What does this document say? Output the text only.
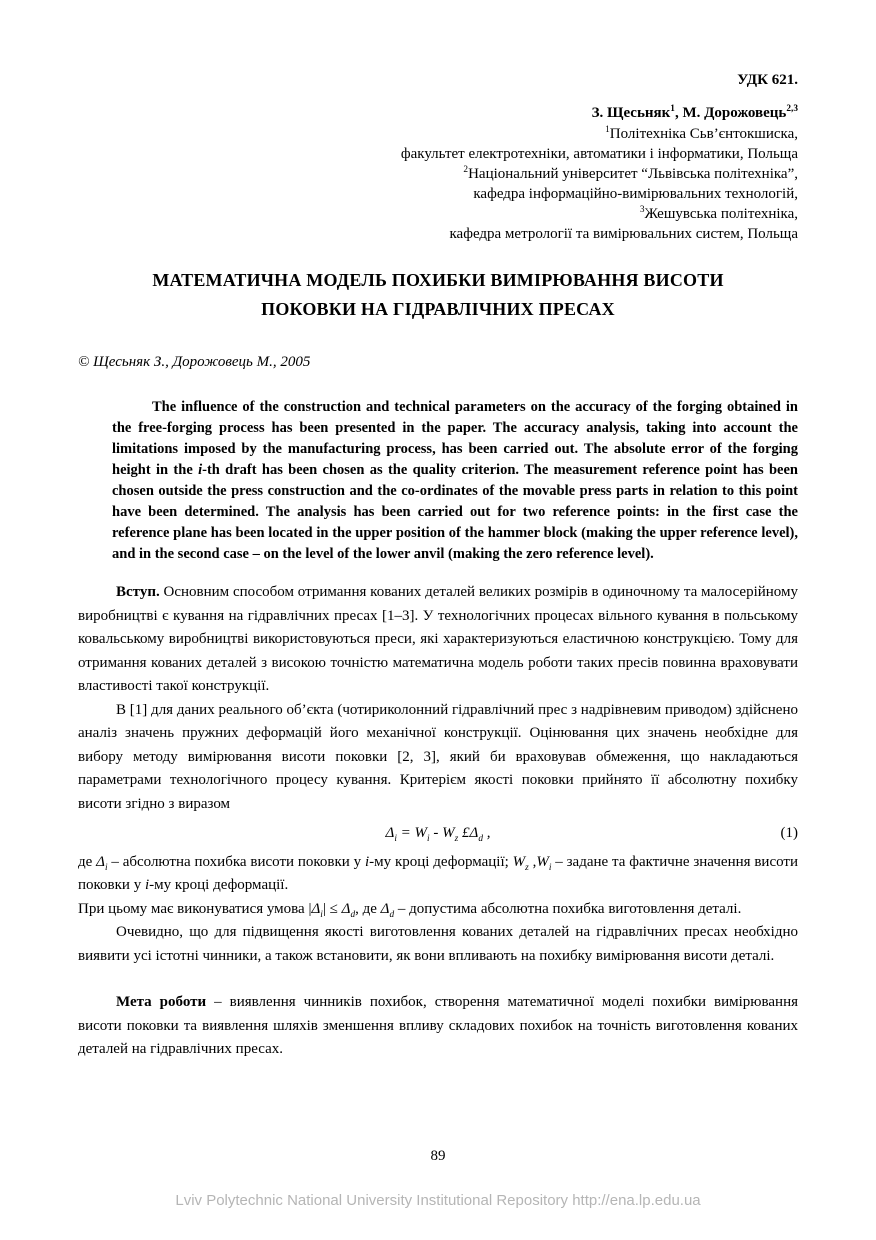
УДК 621.
З. Щесьняк$^1$, М. Дорожовець$^{2,3}$
$^1$Політехніка Сьв’єнтокшиска,
факультет електротехніки, автоматики і інформатики, Польща
$^2$Національний університет “Львівська політехніка”,
кафедра інформаційно-вимірювальних технологій,
$^3$Жешувська політехніка,
кафедра метрології та вимірювальних систем, Польща
МАТЕМАТИЧНА МОДЕЛЬ ПОХИБКИ ВИМІРЮВАННЯ ВИСОТИ
ПОКОВКИ НА ГІДРАВЛІЧНИХ ПРЕСАХ
© Щесьняк З., Дорожовець М., 2005
The influence of the construction and technical parameters on the accuracy of the forging obtained in the free-forging process has been presented in the paper. The accuracy analysis, taking into account the limitations imposed by the manufacturing process, has been carried out. The absolute error of the forging height in the i-th draft has been chosen as the quality criterion. The measurement reference point has been chosen outside the press construction and the co-ordinates of the movable press parts in relation to this point have been determined. The analysis has been carried out for two reference points: in the first case the reference plane has been located in the upper position of the hammer block (making the upper reference level), and in the second case – on the level of the lower anvil (making the zero reference level).

Вступ. Основним способом отримання кованих деталей великих розмірів в одиночному та малосерійному виробництві є кування на гідравлічних пресах [1–3]. У технологічних процесах вільного кування в польському ковальському виробництві використовуються преси, які характеризуються еластичною конструкцією. Тому для отримання кованих деталей з високою точністю математична модель роботи таких пресів повинна враховувати властивості такої конструкції.

В [1] для даних реального об’єкта (чотириколонний гідравлічний прес з надрівневим приводом) здійснено аналіз значень пружних деформацій його механічної конструкції. Оцінювання цих значень необхідне для вибору методу вимірювання висоти поковки [2, 3], який би враховував обмеження, що накладаються параметрами технологічного процесу кування. Критерієм якості поковки прийнято її абсолютну похибку висоти згідно з виразом

$\Delta_i = W_i - W_z$ $£\Delta_d$ ,	(1)

де $\Delta_i$ – абсолютна похибка висоти поковки у і-му кроці деформації; $W_z$ $,W_i$ – задане та фактичне значення висоти поковки у і-му кроці деформації.

При цьому має виконуватися умова $|\Delta_i| \le \Delta_d$, де $\Delta_d$ – допустима абсолютна похибка виготовлення деталі.

Очевидно, що для підвищення якості виготовлення кованих деталей на гідравлічних пресах необхідно виявити усі істотні чинники, а також встановити, як вони впливають на похибку вимірювання висоти деталі.

Мета роботи – виявлення чинників похибок, створення математичної моделі похибки вимірювання висоти поковки та виявлення шляхів зменшення впливу складових похибок на точність виготовлення кованих деталей на гідравлічних пресах.

89
Lviv Polytechnic National University Institutional Repository http://ena.lp.edu.ua
